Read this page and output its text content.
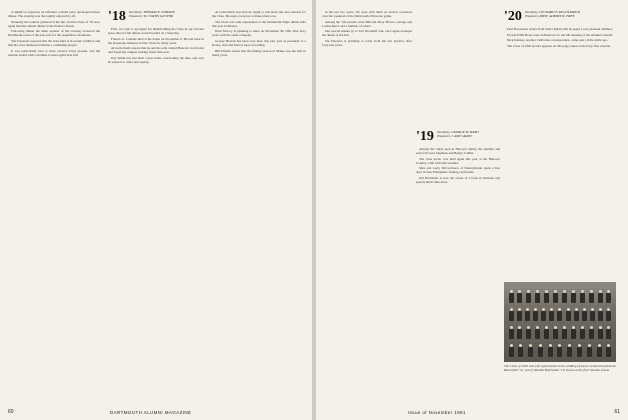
as might be expected, an informal cocktail party developed before dinner. The evening was thoroughly enjoyed by all.

Naturally the reunion gathered at the Inn, and the Class of '16 once again held the annual dinner in the Fellows Room.

Following dinner the main speaker of the evening reviewed the Dartmouth scene of the past year for the assembled classmates.

The Treasurer reported that the class fund is in sound condition and that the class memorial remains a continuing project.

It was particularly nice to have several wives present, and the reunion ended with a promise to meet again next fall.

'18 Secretary, THOMAS E. DOBSON
Treasurer, W. CURTIS GLOVER

First, we wish to apologize for misinforming the Class in our October notes that our fall dinner would be held on a Saturday.

Francis A. Clohane died at his home on November 6. He had been in the brokerage business in New York for many years.

Al Gottschaldt reports that he and his wife visited Hanover in October and found the campus looking better than ever.

Ray Smith has just built a new home overlooking the lake, and says he expects to retire next spring.

Al Gottschaldt says that he ought to tell about the next reunion for the Class. He urges everyone to make plans now.

The Class was well represented at the Dartmouth Night dinner held this year in Boston.

Dave McCoy is planning to retire on November 30, 1961 after forty years with the same company.

George Howell has been very busy this past year as president of a Rotary club and finds it most rewarding.

Bill Perkins writes that the fishing season in Maine was the best in many years.

60	DARTMOUTH ALUMNI MAGAZINE

in the last two years. We were with them on several occasions over the weekend of the Dartmouth–Princeton game.

Among the '18s present were Bill and Mary Brown, George and Louise Reed, and a number of others.

Our special thanks go to Ted Woodruff who once again arranged the dinner at the Inn.

Stu Peterson is planning to retire from his law practice after forty-one years.

'19 Secretary, GEORGE W. RAND
Treasurer, J. RAY GRANT

Among the '19ers seen in Hanover during the summer and early fall were Stephens and Bunny Collins.

The class picnic was held again this year at the Hanover Country Club with fine weather.

Max and Larry McCutcheon of Pennsylvania spent a few days in New Hampshire visiting old friends.

Jim Bachelder is now the owner of a farm in Vermont and spends much time there.

'20 Secretary, LEONARD F. McGOLDRICK
Treasurer, PROF. ALBERT W. FREY

Paul Bowerman writes from Sierra Madre that he spent a very pleasant summer.

Ed and Edith Boots were in Hanover for the fall meeting of the Alumni Council.

Dick Kinsley, another California correspondent, came east a little while ago.

The Class of 1920 picture appears on this page, taken at the forty-first reunion.

The Class of 1919 was well represented at the wedding of Laura Leonard and David Batchelder '51, son of Wendell Batchelder '19, shown at the four reunion events.
Issue of November 1961	61
